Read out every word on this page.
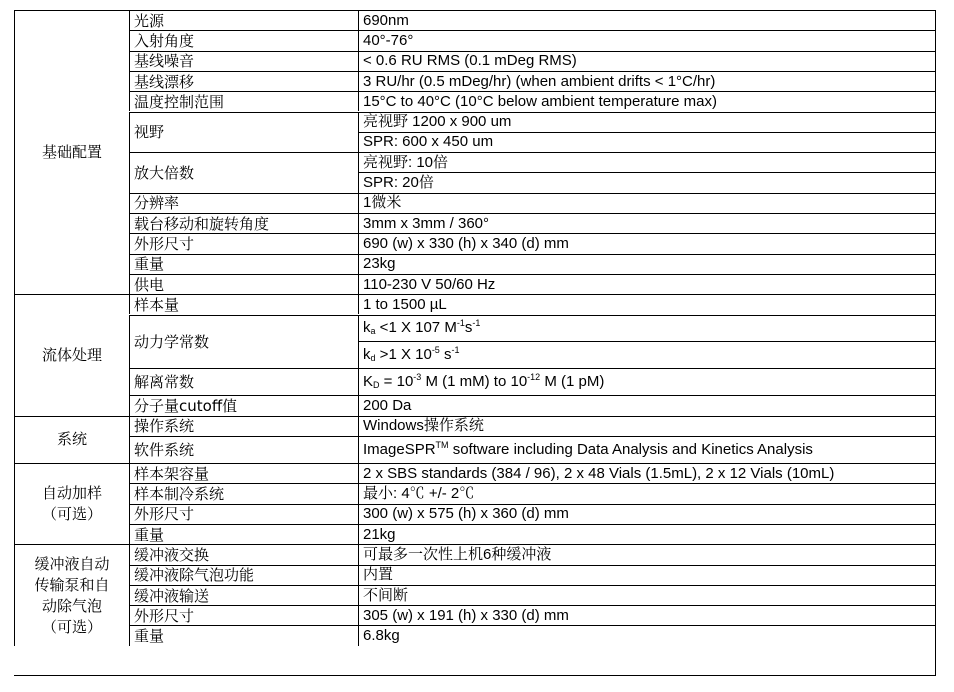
690nm
光源
40°-76°
入射角度
< 0.6 RU RMS (0.1 mDeg RMS)
基线噪音
3 RU/hr (0.5 mDeg/hr) (when ambient drifts < 1°C/hr)
基线漂移
15°C to 40°C (10°C below ambient temperature max)
温度控制范围
亮视野 1200 x 900 um
SPR: 600 x 450 um
视野
亮视野: 10倍
SPR: 20倍
放大倍数
1微米
分辨率
3mm x 3mm / 360°
载台移动和旋转角度
690 (w) x 330 (h) x 340 (d) mm
外形尺寸
23kg
重量
110-230 V 50/60 Hz
供电
基础配置
1 to 1500 µL
样本量
$k_a <1$ X 107 $M^{-1}s^{-1}$
$k_d >1$ X $10^{-5}$ $s^{-1}$
动力学常数
$K_D = 10^{-3}$ M (1 mM) to $10^{-12}$ M (1 pM)
解离常数
200 Da
分子量cutoff值
流体处理
Windows操作系统
操作系统
ImageSPR™ software including Data Analysis and Kinetics Analysis
软件系统
系统
2 x SBS standards (384 / 96), 2 x 48 Vials (1.5mL), 2 x 12 Vials (10mL)
样本架容量
最小: 4℃ +/- 2℃
样本制冷系统
300 (w) x 575 (h) x 360 (d) mm
外形尺寸
21kg
重量
自动加样
（可选）
可最多一次性上机6种缓冲液
缓冲液交换
内置
缓冲液除气泡功能
不间断
缓冲液输送
305 (w) x 191 (h) x 330 (d) mm
外形尺寸
6.8kg
重量
缓冲液自动
传输泵和自
动除气泡
（可选）
